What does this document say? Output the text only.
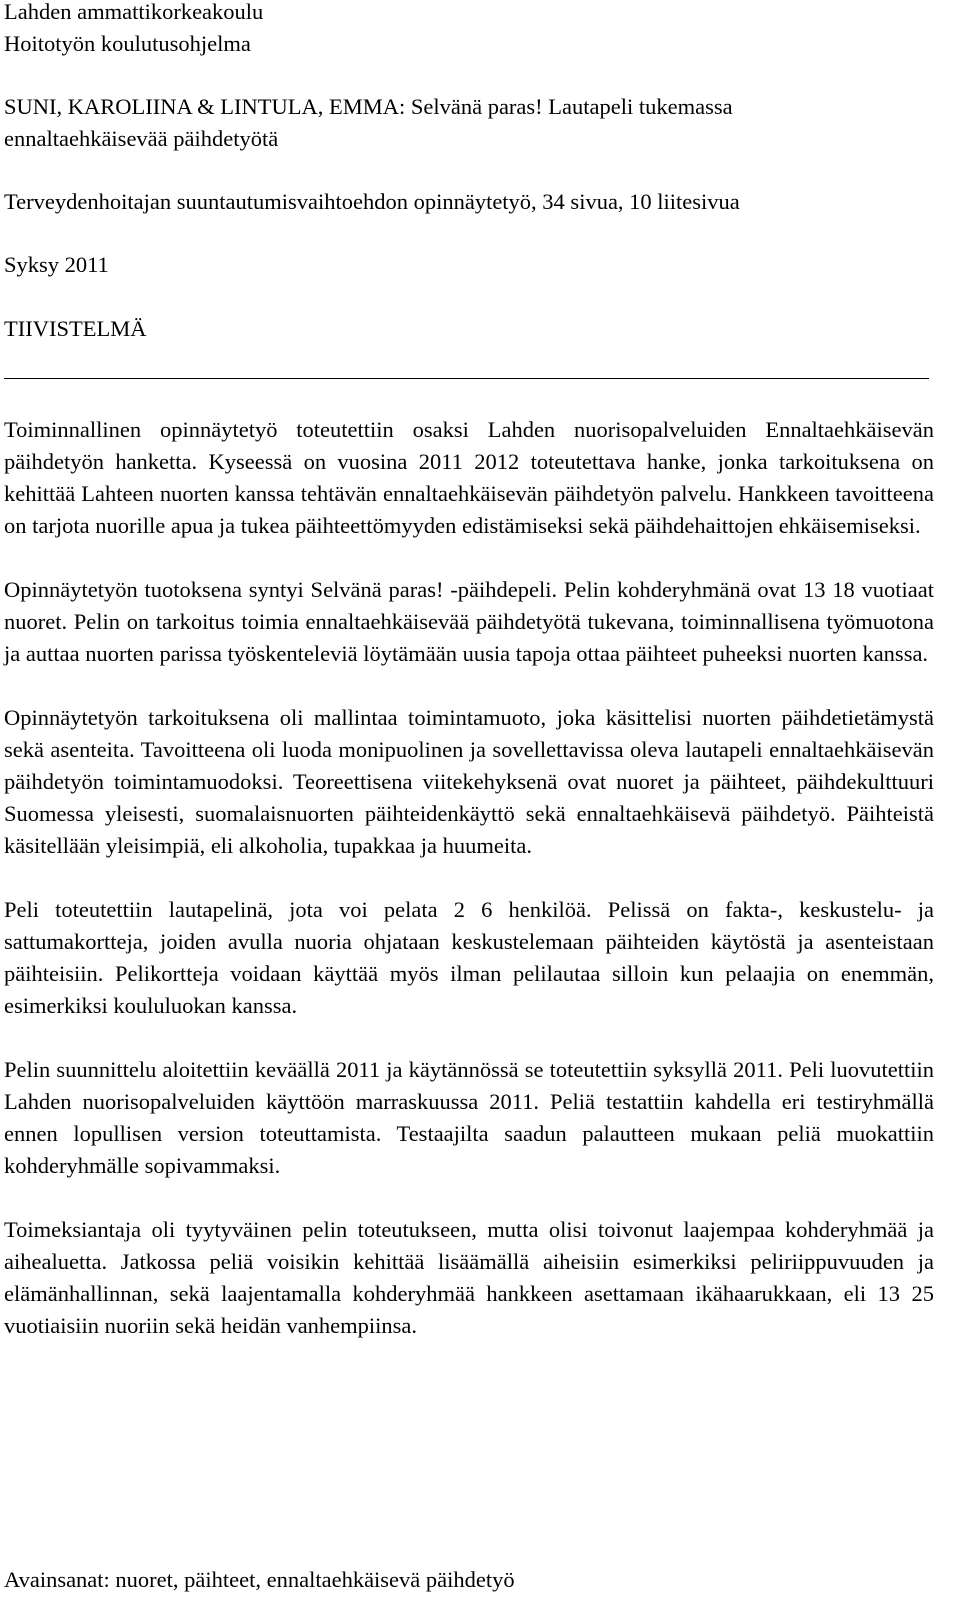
Lahden ammattikorkeakoulu
Hoitotyön koulutusohjelma
SUNI, KAROLIINA & LINTULA, EMMA: Selvänä paras! Lautapeli tukemassa
ennaltaehkäisevää päihdetyötä
Terveydenhoitajan suuntautumisvaihtoehdon opinnäytetyö, 34 sivua, 10 liitesivua
Syksy 2011
TIIVISTELMÄ

Toiminnallinen opinnäytetyö toteutettiin osaksi Lahden nuorisopalveluiden Ennaltaehkäisevän päihdetyön hanketta. Kyseessä on vuosina 2011 2012 toteutettava hanke, jonka tarkoituksena on kehittää Lahteen nuorten kanssa tehtävän ennaltaehkäisevän päihdetyön palvelu. Hankkeen tavoitteena on tarjota nuorille apua ja tukea päihteettömyyden edistämiseksi sekä päihdehaittojen ehkäisemiseksi.

Opinnäytetyön tuotoksena syntyi Selvänä paras! -päihdepeli. Pelin kohderyhmänä ovat 13 18 vuotiaat nuoret. Pelin on tarkoitus toimia ennaltaehkäisevää päihdetyötä tukevana, toiminnallisena työmuotona ja auttaa nuorten parissa työskenteleviä löytämään uusia tapoja ottaa päihteet puheeksi nuorten kanssa.

Opinnäytetyön tarkoituksena oli mallintaa toimintamuoto, joka käsittelisi nuorten päihdetietämystä sekä asenteita. Tavoitteena oli luoda monipuolinen ja sovellettavissa oleva lautapeli ennaltaehkäisevän päihdetyön toimintamuodoksi. Teoreettisena viitekehyksenä ovat nuoret ja päihteet, päihdekulttuuri Suomessa yleisesti, suomalaisnuorten päihteidenkäyttö sekä ennaltaehkäisevä päihdetyö. Päihteistä käsitellään yleisimpiä, eli alkoholia, tupakkaa ja huumeita.

Peli toteutettiin lautapelinä, jota voi pelata 2 6 henkilöä. Pelissä on fakta-, keskustelu- ja sattumakortteja, joiden avulla nuoria ohjataan keskustelemaan päihteiden käytöstä ja asenteistaan päihteisiin. Pelikortteja voidaan käyttää myös ilman pelilautaa silloin kun pelaajia on enemmän, esimerkiksi koululuokan kanssa.

Pelin suunnittelu aloitettiin keväällä 2011 ja käytännössä se toteutettiin syksyllä 2011. Peli luovutettiin Lahden nuorisopalveluiden käyttöön marraskuussa 2011. Peliä testattiin kahdella eri testiryhmällä ennen lopullisen version toteuttamista. Testaajilta saadun palautteen mukaan peliä muokattiin kohderyhmälle sopivammaksi.

Toimeksiantaja oli tyytyväinen pelin toteutukseen, mutta olisi toivonut laajempaa kohderyhmää ja aihealuetta. Jatkossa peliä voisikin kehittää lisäämällä aiheisiin esimerkiksi peliriippuvuuden ja elämänhallinnan, sekä laajentamalla kohderyhmää hankkeen asettamaan ikähaarukkaan, eli 13 25 vuotiaisiin nuoriin sekä heidän vanhempiinsa.

Avainsanat: nuoret, päihteet, ennaltaehkäisevä päihdetyö
